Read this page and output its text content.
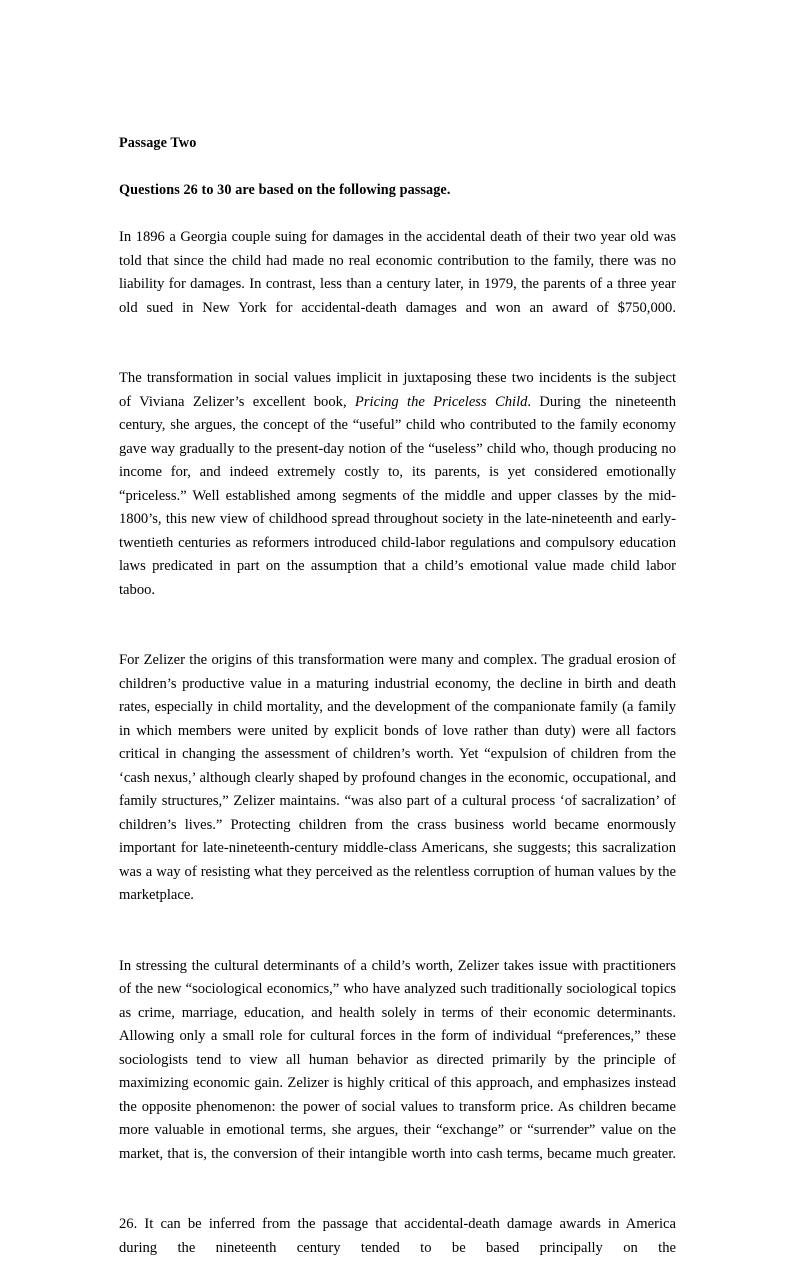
Passage Two

Questions 26 to 30 are based on the following passage.

In 1896 a Georgia couple suing for damages in the accidental death of their two year old was told that since the child had made no real economic contribution to the family, there was no liability for damages. In contrast, less than a century later, in 1979, the parents of a three year old sued in New York for accidental-death damages and won an award of $750,000.

The transformation in social values implicit in juxtaposing these two incidents is the subject of Viviana Zelizer’s excellent book, Pricing the Priceless Child. During the nineteenth century, she argues, the concept of the “useful” child who contributed to the family economy gave way gradually to the present-day notion of the “useless” child who, though producing no income for, and indeed extremely costly to, its parents, is yet considered emotionally “priceless.” Well established among segments of the middle and upper classes by the mid-1800’s, this new view of childhood spread throughout society in the late-nineteenth and early-twentieth centuries as reformers introduced child-labor regulations and compulsory education laws predicated in part on the assumption that a child’s emotional value made child labor taboo.

For Zelizer the origins of this transformation were many and complex. The gradual erosion of children’s productive value in a maturing industrial economy, the decline in birth and death rates, especially in child mortality, and the development of the companionate family (a family in which members were united by explicit bonds of love rather than duty) were all factors critical in changing the assessment of children’s worth. Yet “expulsion of children from the ‘cash nexus,’ although clearly shaped by profound changes in the economic, occupational, and family structures,” Zelizer maintains. “was also part of a cultural process ‘of sacralization’ of children’s lives.” Protecting children from the crass business world became enormously important for late-nineteenth-century middle-class Americans, she suggests; this sacralization was a way of resisting what they perceived as the relentless corruption of human values by the marketplace.

In stressing the cultural determinants of a child’s worth, Zelizer takes issue with practitioners of the new “sociological economics,” who have analyzed such traditionally sociological topics as crime, marriage, education, and health solely in terms of their economic determinants. Allowing only a small role for cultural forces in the form of individual “preferences,” these sociologists tend to view all human behavior as directed primarily by the principle of maximizing economic gain. Zelizer is highly critical of this approach, and emphasizes instead the opposite phenomenon: the power of social values to transform price. As children became more valuable in emotional terms, she argues, their “exchange” or “surrender” value on the market, that is, the conversion of their intangible worth into cash terms, became much greater.

26. It can be inferred from the passage that accidental-death damage awards in America during the nineteenth century tended to be based principally on the
